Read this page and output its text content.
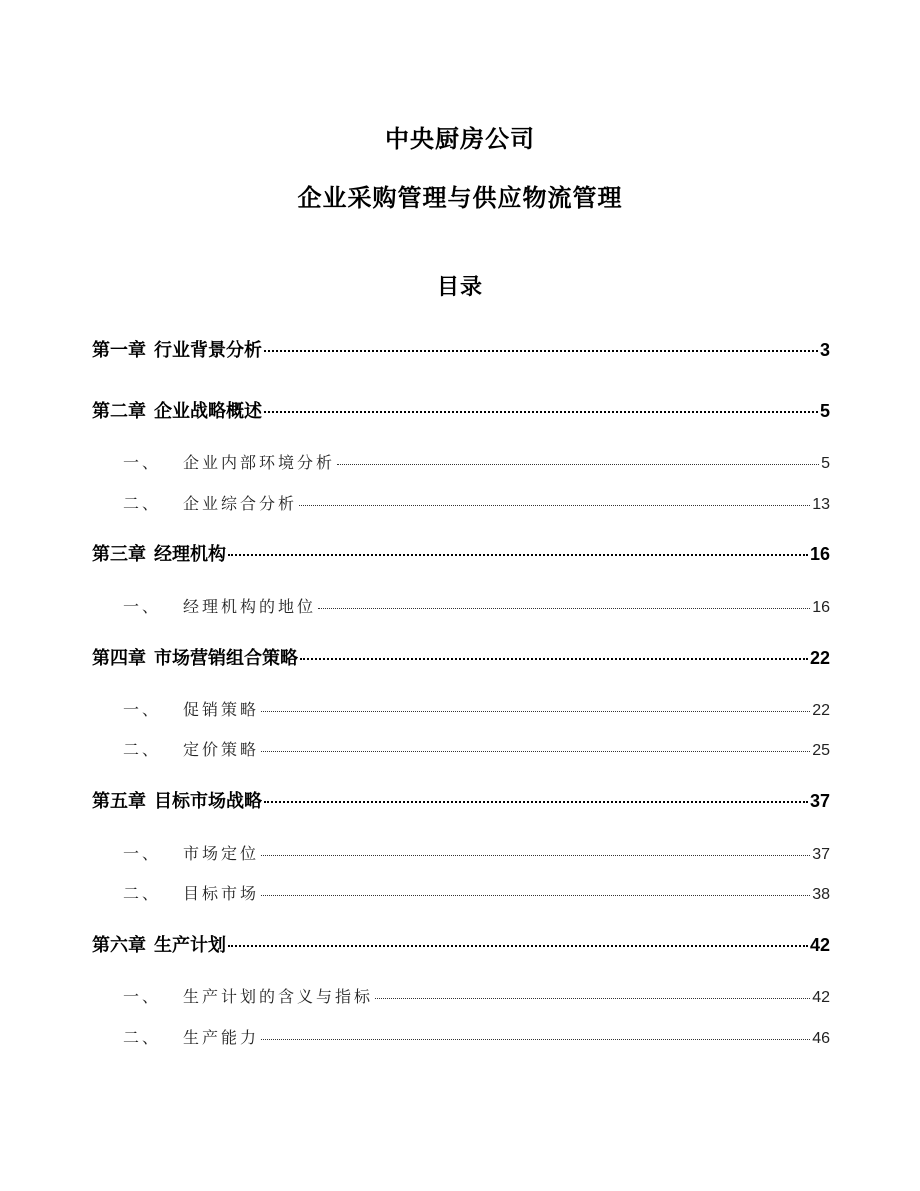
中央厨房公司
企业采购管理与供应物流管理
目录
第一章 行业背景分析	3
第二章 企业战略概述	5
一、 企业内部环境分析	5
二、 企业综合分析	13
第三章 经理机构	16
一、 经理机构的地位	16
第四章 市场营销组合策略	22
一、 促销策略	22
二、 定价策略	25
第五章 目标市场战略	37
一、 市场定位	37
二、 目标市场	38
第六章 生产计划	42
一、 生产计划的含义与指标	42
二、 生产能力	46
